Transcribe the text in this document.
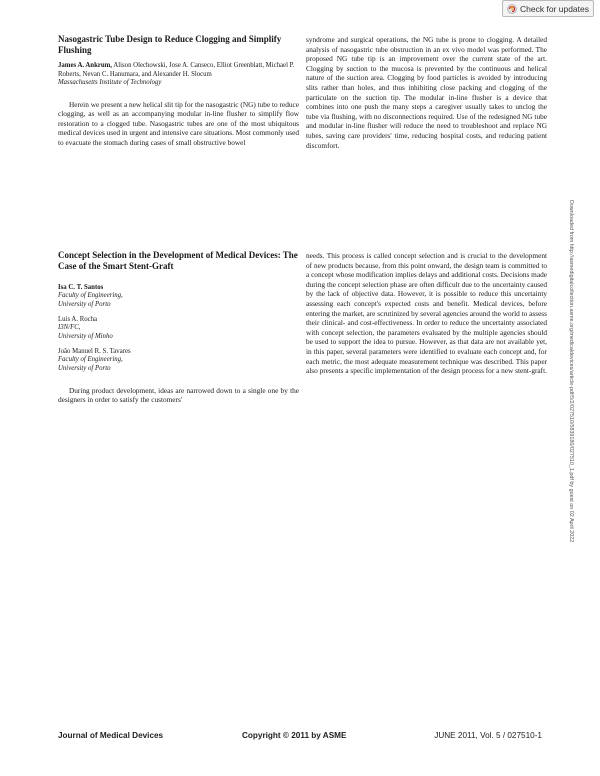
Check for updates
Nasogastric Tube Design to Reduce Clogging and Simplify Flushing

James A. Ankrum, Alison Olechowski, Jose A. Canseco, Elliot Greenblatt, Michael P. Roberts, Nevan C. Hanumara, and Alexander H. Slocum

Massachusetts Institute of Technology

Herein we present a new helical slit tip for the nasogastric (NG) tube to reduce clogging, as well as an accompanying modular in-line flusher to simplify flow restoration to a clogged tube. Nasogastric tubes are one of the most ubiquitous medical devices used in urgent and intensive care situations. Most commonly used to evacuate the stomach during cases of small obstructive bowel

syndrome and surgical operations, the NG tube is prone to clogging. A detailed analysis of nasogastric tube obstruction in an ex vivo model was performed. The proposed NG tube tip is an improvement over the current state of the art. Clogging by suction to the mucosa is prevented by the continuous and helical nature of the suction area. Clogging by food particles is avoided by introducing slits rather than holes, and thus inhibiting close packing and clogging of the particulate on the suction tip. The modular in-line flusher is a device that combines into one push the many steps a caregiver usually takes to unclog the tube via flushing, with no disconnections required. Use of the redesigned NG tube and modular in-line flusher will reduce the need to troubleshoot and replace NG tubes, saving care providers' time, reducing hospital costs, and reducing patient discomfort.

Downloaded from http://asmedigitalcollection.asme.org/medicaldevices/article-pdf/5/2/027510/5839180/027510_1.pdf by guest on 02 April 2022
Concept Selection in the Development of Medical Devices: The Case of the Smart Stent-Graft

Isa C. T. Santos

Faculty of Engineering,

University of Porto

Luís A. Rocha

I3N/FC,

University of Minho

João Manuel R. S. Tavares

Faculty of Engineering,

University of Porto

During product development, ideas are narrowed down to a single one by the designers in order to satisfy the customers'

needs. This process is called concept selection and is crucial to the development of new products because, from this point onward, the design team is committed to a concept whose modification implies delays and additional costs. Decisions made during the concept selection phase are often difficult due to the uncertainty caused by the lack of objective data. However, it is possible to reduce this uncertainty assessing each concept's expected costs and benefit. Medical devices, before entering the market, are scrutinized by several agencies around the world to assess their clinical- and cost-effectiveness. In order to reduce the uncertainty associated with concept selection, the parameters evaluated by the multiple agencies should be used to support the idea to pursue. However, as that data are not available yet, in this paper, several parameters were identified to evaluate each concept and, for each metric, the most adequate measurement technique was described. This paper also presents a specific implementation of the design process for a new stent-graft.

Journal of Medical Devices	Copyright © 2011 by ASME	JUNE 2011, Vol. 5 / 027510-1
